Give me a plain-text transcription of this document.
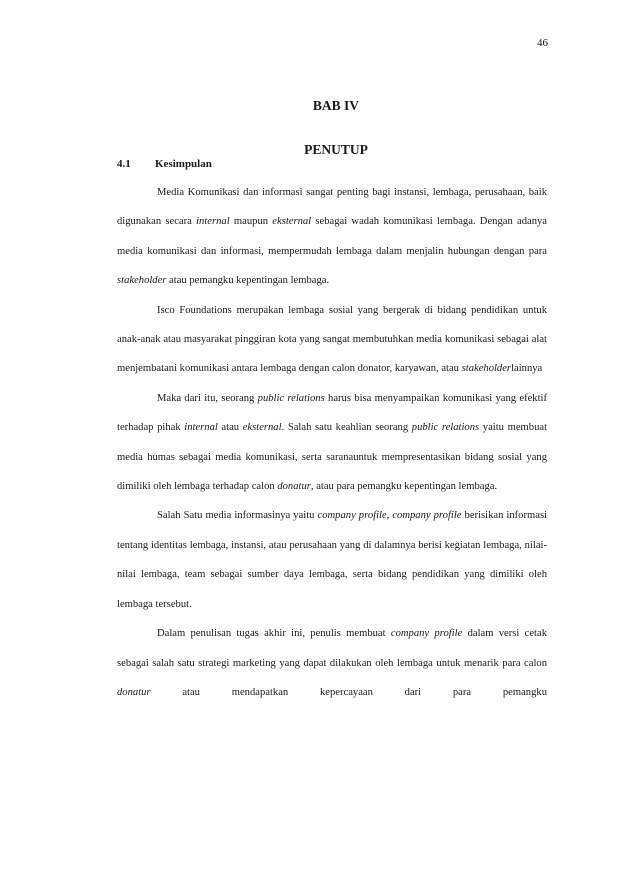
46
BAB IV
PENUTUP
4.1 Kesimpulan

Media Komunikasi dan informasi sangat penting bagi instansi, lembaga, perusahaan, baik digunakan secara internal maupun eksternal sebagai wadah komunikasi lembaga. Dengan adanya media komunikasi dan informasi, mempermudah lembaga dalam menjalin hubungan dengan para stakeholder atau pemangku kepentingan lembaga.

Isco Foundations merupakan lembaga sosial yang bergerak di bidang pendidikan untuk anak-anak atau masyarakat pinggiran kota yang sangat membutuhkan media komunikasi sebagai alat menjembatani komunikasi antara lembaga dengan calon donator, karyawan, atau stakeholderlainnya

Maka dari itu, seorang public relations harus bisa menyampaikan komunikasi yang efektif terhadap pihak internal atau eksternal. Salah satu keahlian seorang public relations yaitu membuat media humas sebagai media komunikasi, serta saranauntuk mempresentasikan bidang sosial yang dimiliki oleh lembaga terhadap calon donatur, atau para pemangku kepentingan lembaga.

Salah Satu media informasinya yaitu company profile, company profile berisikan informasi tentang identitas lembaga, instansi, atau perusahaan yang di dalamnya berisi kegiatan lembaga, nilai-nilai lembaga, team sebagai sumber daya lembaga, serta bidang pendidikan yang dimiliki oleh lembaga tersebut.

Dalam penulisan tugas akhir ini, penulis membuat company profile dalam versi cetak sebagai salah satu strategi marketing yang dapat dilakukan oleh lembaga untuk menarik para calon donatur atau mendapatkan kepercayaan dari para pemangku
